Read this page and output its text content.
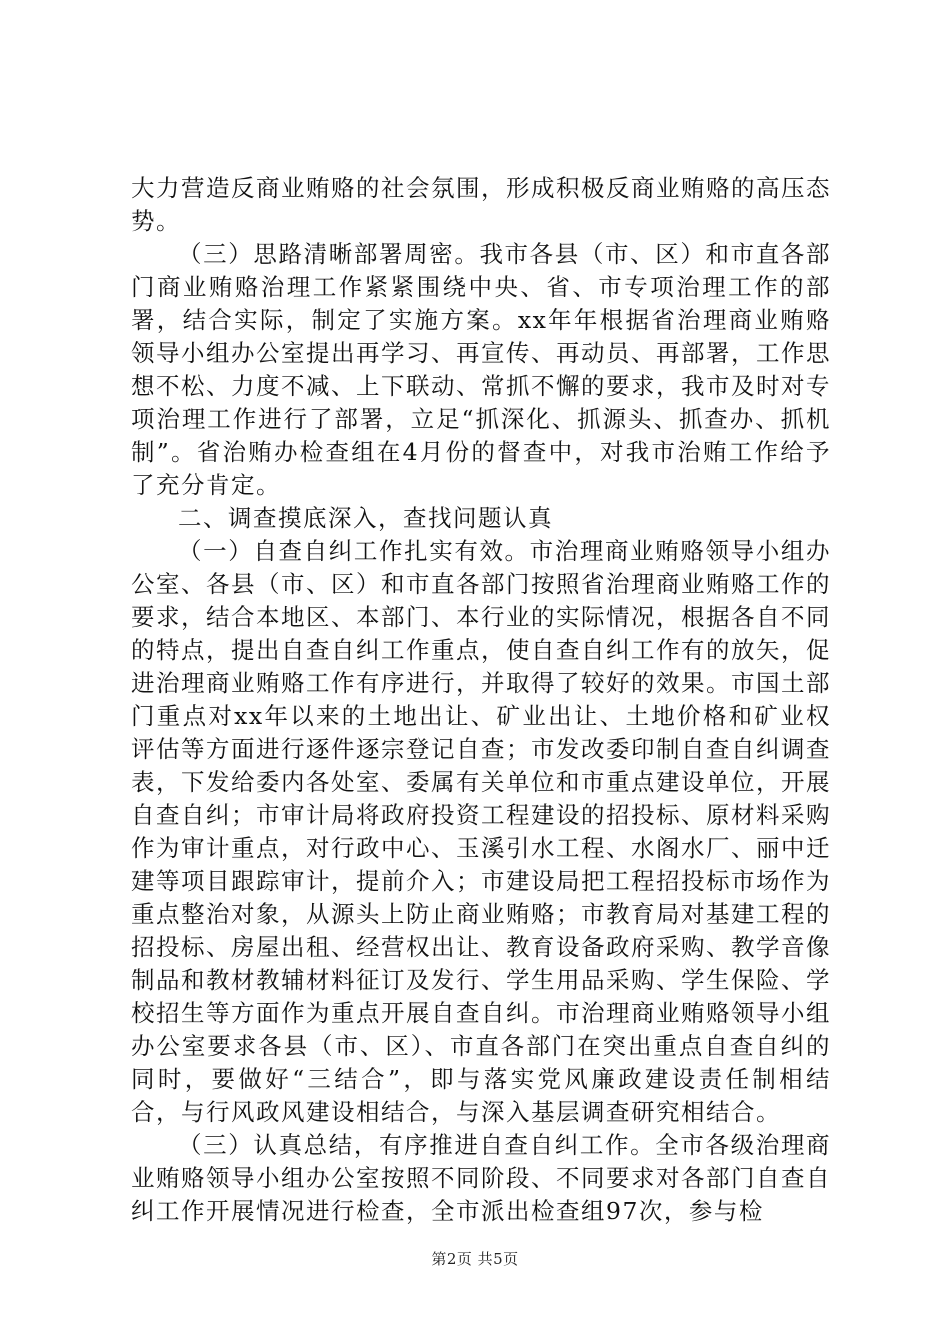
大力营造反商业贿赂的社会氛围，形成积极反商业贿赂的高压态势。

（三）思路清晰部署周密。我市各县（市、区）和市直各部门商业贿赂治理工作紧紧围绕中央、省、市专项治理工作的部署，结合实际，制定了实施方案。xx年年根据省治理商业贿赂领导小组办公室提出再学习、再宣传、再动员、再部署，工作思想不松、力度不减、上下联动、常抓不懈的要求，我市及时对专项治理工作进行了部署，立足“抓深化、抓源头、抓查办、抓机制”。省治贿办检查组在4月份的督查中，对我市治贿工作给予了充分肯定。

二、调查摸底深入，查找问题认真

（一）自查自纠工作扎实有效。市治理商业贿赂领导小组办公室、各县（市、区）和市直各部门按照省治理商业贿赂工作的要求，结合本地区、本部门、本行业的实际情况，根据各自不同的特点，提出自查自纠工作重点，使自查自纠工作有的放矢，促进治理商业贿赂工作有序进行，并取得了较好的效果。市国土部门重点对xx年以来的土地出让、矿业出让、土地价格和矿业权评估等方面进行逐件逐宗登记自查；市发改委印制自查自纠调查表，下发给委内各处室、委属有关单位和市重点建设单位，开展自查自纠；市审计局将政府投资工程建设的招投标、原材料采购作为审计重点，对行政中心、玉溪引水工程、水阁水厂、丽中迁建等项目跟踪审计，提前介入；市建设局把工程招投标市场作为重点整治对象，从源头上防止商业贿赂；市教育局对基建工程的招投标、房屋出租、经营权出让、教育设备政府采购、教学音像制品和教材教辅材料征订及发行、学生用品采购、学生保险、学校招生等方面作为重点开展自查自纠。市治理商业贿赂领导小组办公室要求各县（市、区）、市直各部门在突出重点自查自纠的同时，要做好“三结合”，即与落实党风廉政建设责任制相结合，与行风政风建设相结合，与深入基层调查研究相结合。

（三）认真总结，有序推进自查自纠工作。全市各级治理商业贿赂领导小组办公室按照不同阶段、不同要求对各部门自查自纠工作开展情况进行检查，全市派出检查组97次，参与检

第2页 共5页
